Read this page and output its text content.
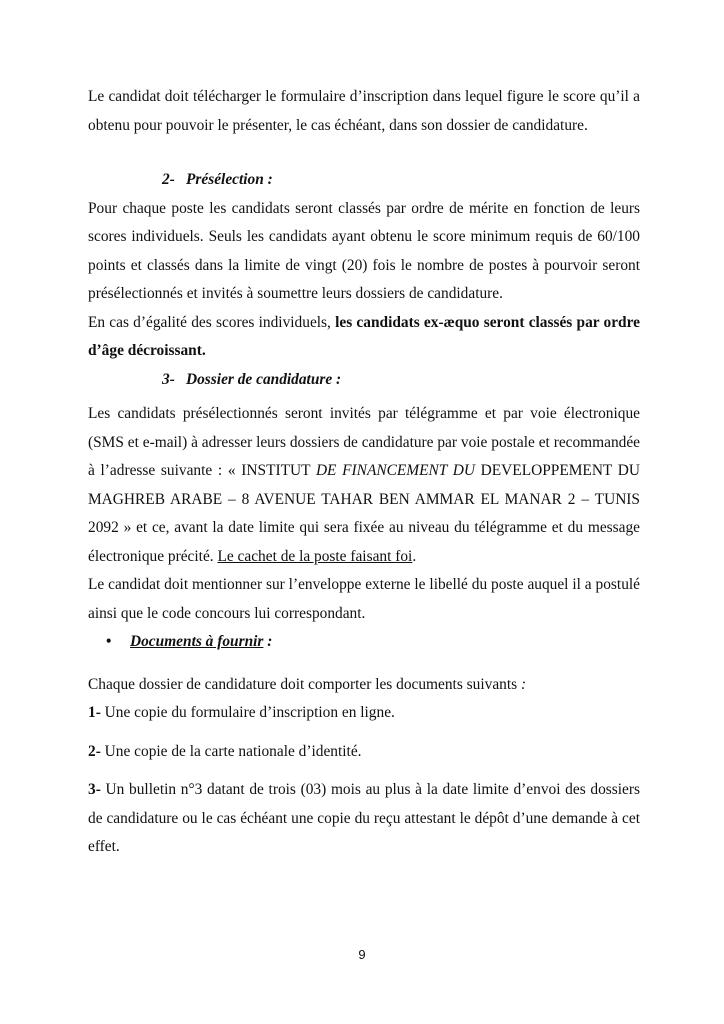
Le candidat doit télécharger le formulaire d’inscription dans lequel figure le score qu’il a obtenu pour pouvoir le présenter, le cas échéant, dans son dossier de candidature.

2- Présélection :

Pour chaque poste les candidats seront classés par ordre de mérite en fonction de leurs scores individuels. Seuls les candidats ayant obtenu le score minimum requis de 60/100 points et classés dans la limite de vingt (20) fois le nombre de postes à pourvoir seront présélectionnés et invités à soumettre leurs dossiers de candidature.

En cas d’égalité des scores individuels, les candidats ex-æquo seront classés par ordre d’âge décroissant.

3- Dossier de candidature :

Les candidats présélectionnés seront invités par télégramme et par voie électronique (SMS et e-mail) à adresser leurs dossiers de candidature par voie postale et recommandée à l’adresse suivante : « INSTITUT DE FINANCEMENT DU DEVELOPPEMENT DU MAGHREB ARABE – 8 AVENUE TAHAR BEN AMMAR EL MANAR 2 – TUNIS 2092 » et ce, avant la date limite qui sera fixée au niveau du télégramme et du message électronique précité. Le cachet de la poste faisant foi.

Le candidat doit mentionner sur l’enveloppe externe le libellé du poste auquel il a postulé ainsi que le code concours lui correspondant.

• Documents à fournir :

Chaque dossier de candidature doit comporter les documents suivants :

1- Une copie du formulaire d’inscription en ligne.

2- Une copie de la carte nationale d’identité.

3- Un bulletin n°3 datant de trois (03) mois au plus à la date limite d’envoi des dossiers de candidature ou le cas échéant une copie du reçu attestant le dépôt d’une demande à cet effet.

9
